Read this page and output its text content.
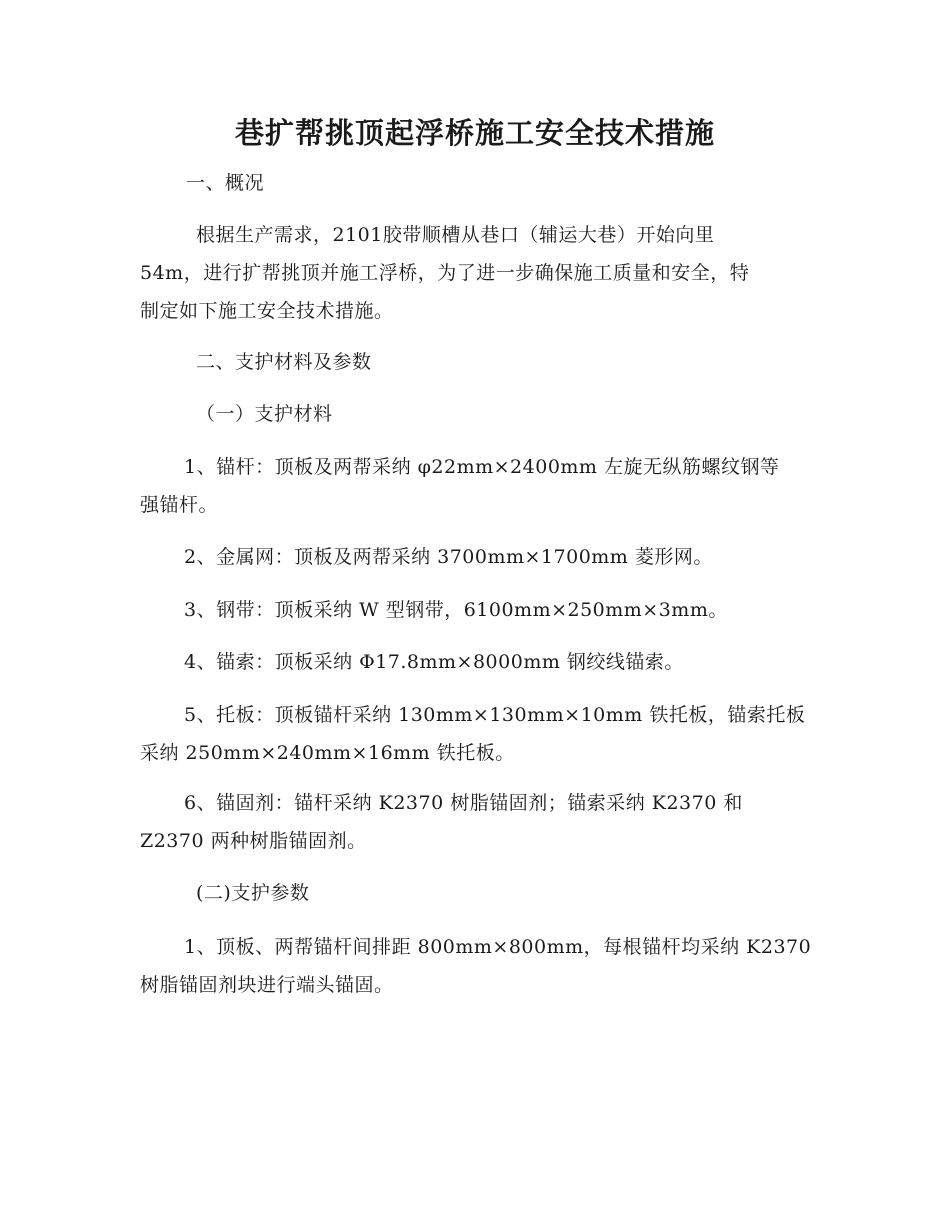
巷扩帮挑顶起浮桥施工安全技术措施

一、概况

根据生产需求，2101胶带顺槽从巷口（辅运大巷）开始向里
54m，进行扩帮挑顶并施工浮桥，为了进一步确保施工质量和安全，特
制定如下施工安全技术措施。

二、支护材料及参数

（一）支护材料

1、锚杆：顶板及两帮采纳 φ22mm×2400mm 左旋无纵筋螺纹钢等
强锚杆。

2、金属网：顶板及两帮采纳 3700mm×1700mm 菱形网。

3、钢带：顶板采纳 W 型钢带，6100mm×250mm×3mm。

4、锚索：顶板采纳 Φ17.8mm×8000mm 钢绞线锚索。

5、托板：顶板锚杆采纳 130mm×130mm×10mm 铁托板，锚索托板
采纳 250mm×240mm×16mm 铁托板。

6、锚固剂：锚杆采纳 K2370 树脂锚固剂；锚索采纳 K2370 和
Z2370 两种树脂锚固剂。

(二)支护参数

1、顶板、两帮锚杆间排距 800mm×800mm，每根锚杆均采纳 K2370
树脂锚固剂块进行端头锚固。
